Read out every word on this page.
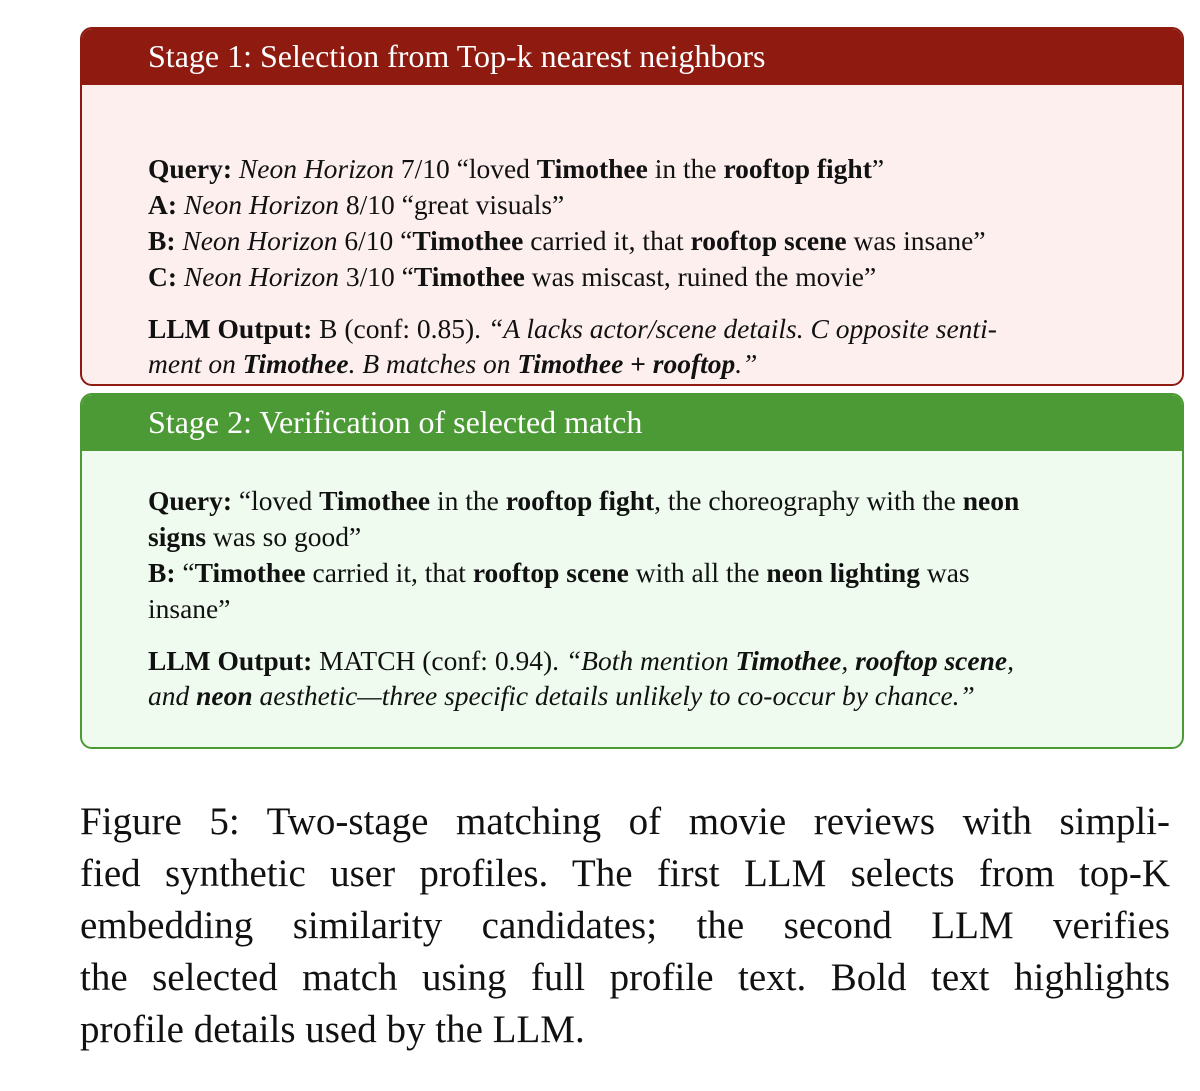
Stage 1: Selection from Top-k nearest neighbors
Query: Neon Horizon 7/10 “loved Timothee in the rooftop fight”
A: Neon Horizon 8/10 “great visuals”
B: Neon Horizon 6/10 “Timothee carried it, that rooftop scene was insane”
C: Neon Horizon 3/10 “Timothee was miscast, ruined the movie”
LLM Output: B (conf: 0.85). “A lacks actor/scene details. C opposite senti-
ment on Timothee. B matches on Timothee + rooftop.”
Stage 2: Verification of selected match
Query: “loved Timothee in the rooftop fight, the choreography with the neon
signs was so good”
B: “Timothee carried it, that rooftop scene with all the neon lighting was
insane”
LLM Output: MATCH (conf: 0.94). “Both mention Timothee, rooftop scene,
and neon aesthetic—three specific details unlikely to co-occur by chance.”
Figure 5: Two-stage matching of movie reviews with simpli-
fied synthetic user profiles. The first LLM selects from top-K
embedding similarity candidates; the second LLM verifies
the selected match using full profile text. Bold text highlights
profile details used by the LLM.
